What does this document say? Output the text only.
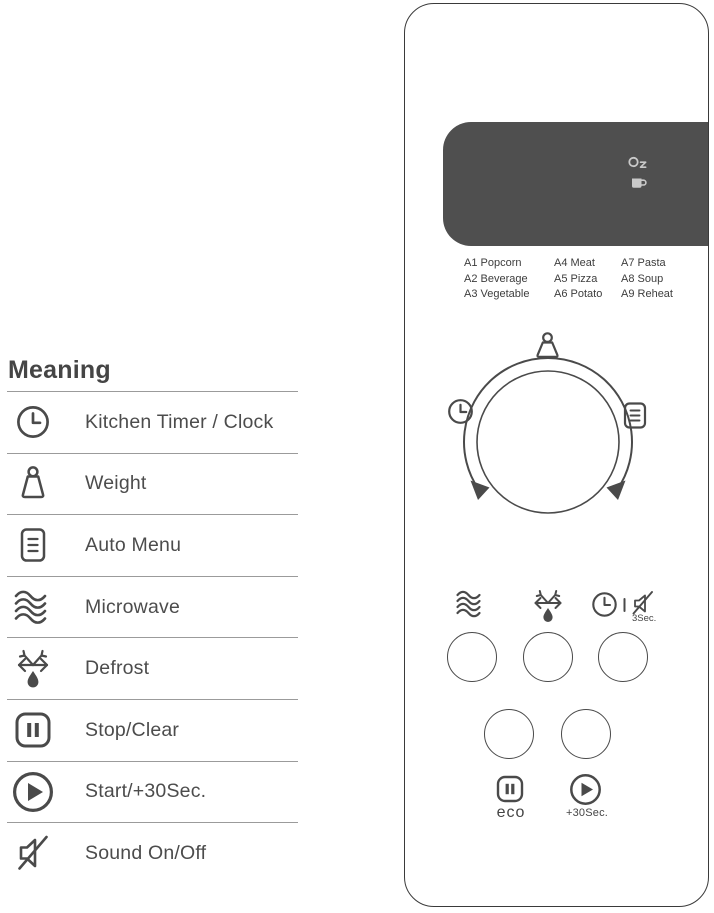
Meaning
Kitchen Timer / Clock
Weight
Auto Menu
Microwave
Defrost
Stop/Clear
Start/+30Sec.
Sound On/Off
A1 Popcorn
A2 Beverage
A3 Vegetable
A4 Meat
A5 Pizza
A6 Potato
A7 Pasta
A8 Soup
A9 Reheat
3Sec.
eco	+30Sec.
